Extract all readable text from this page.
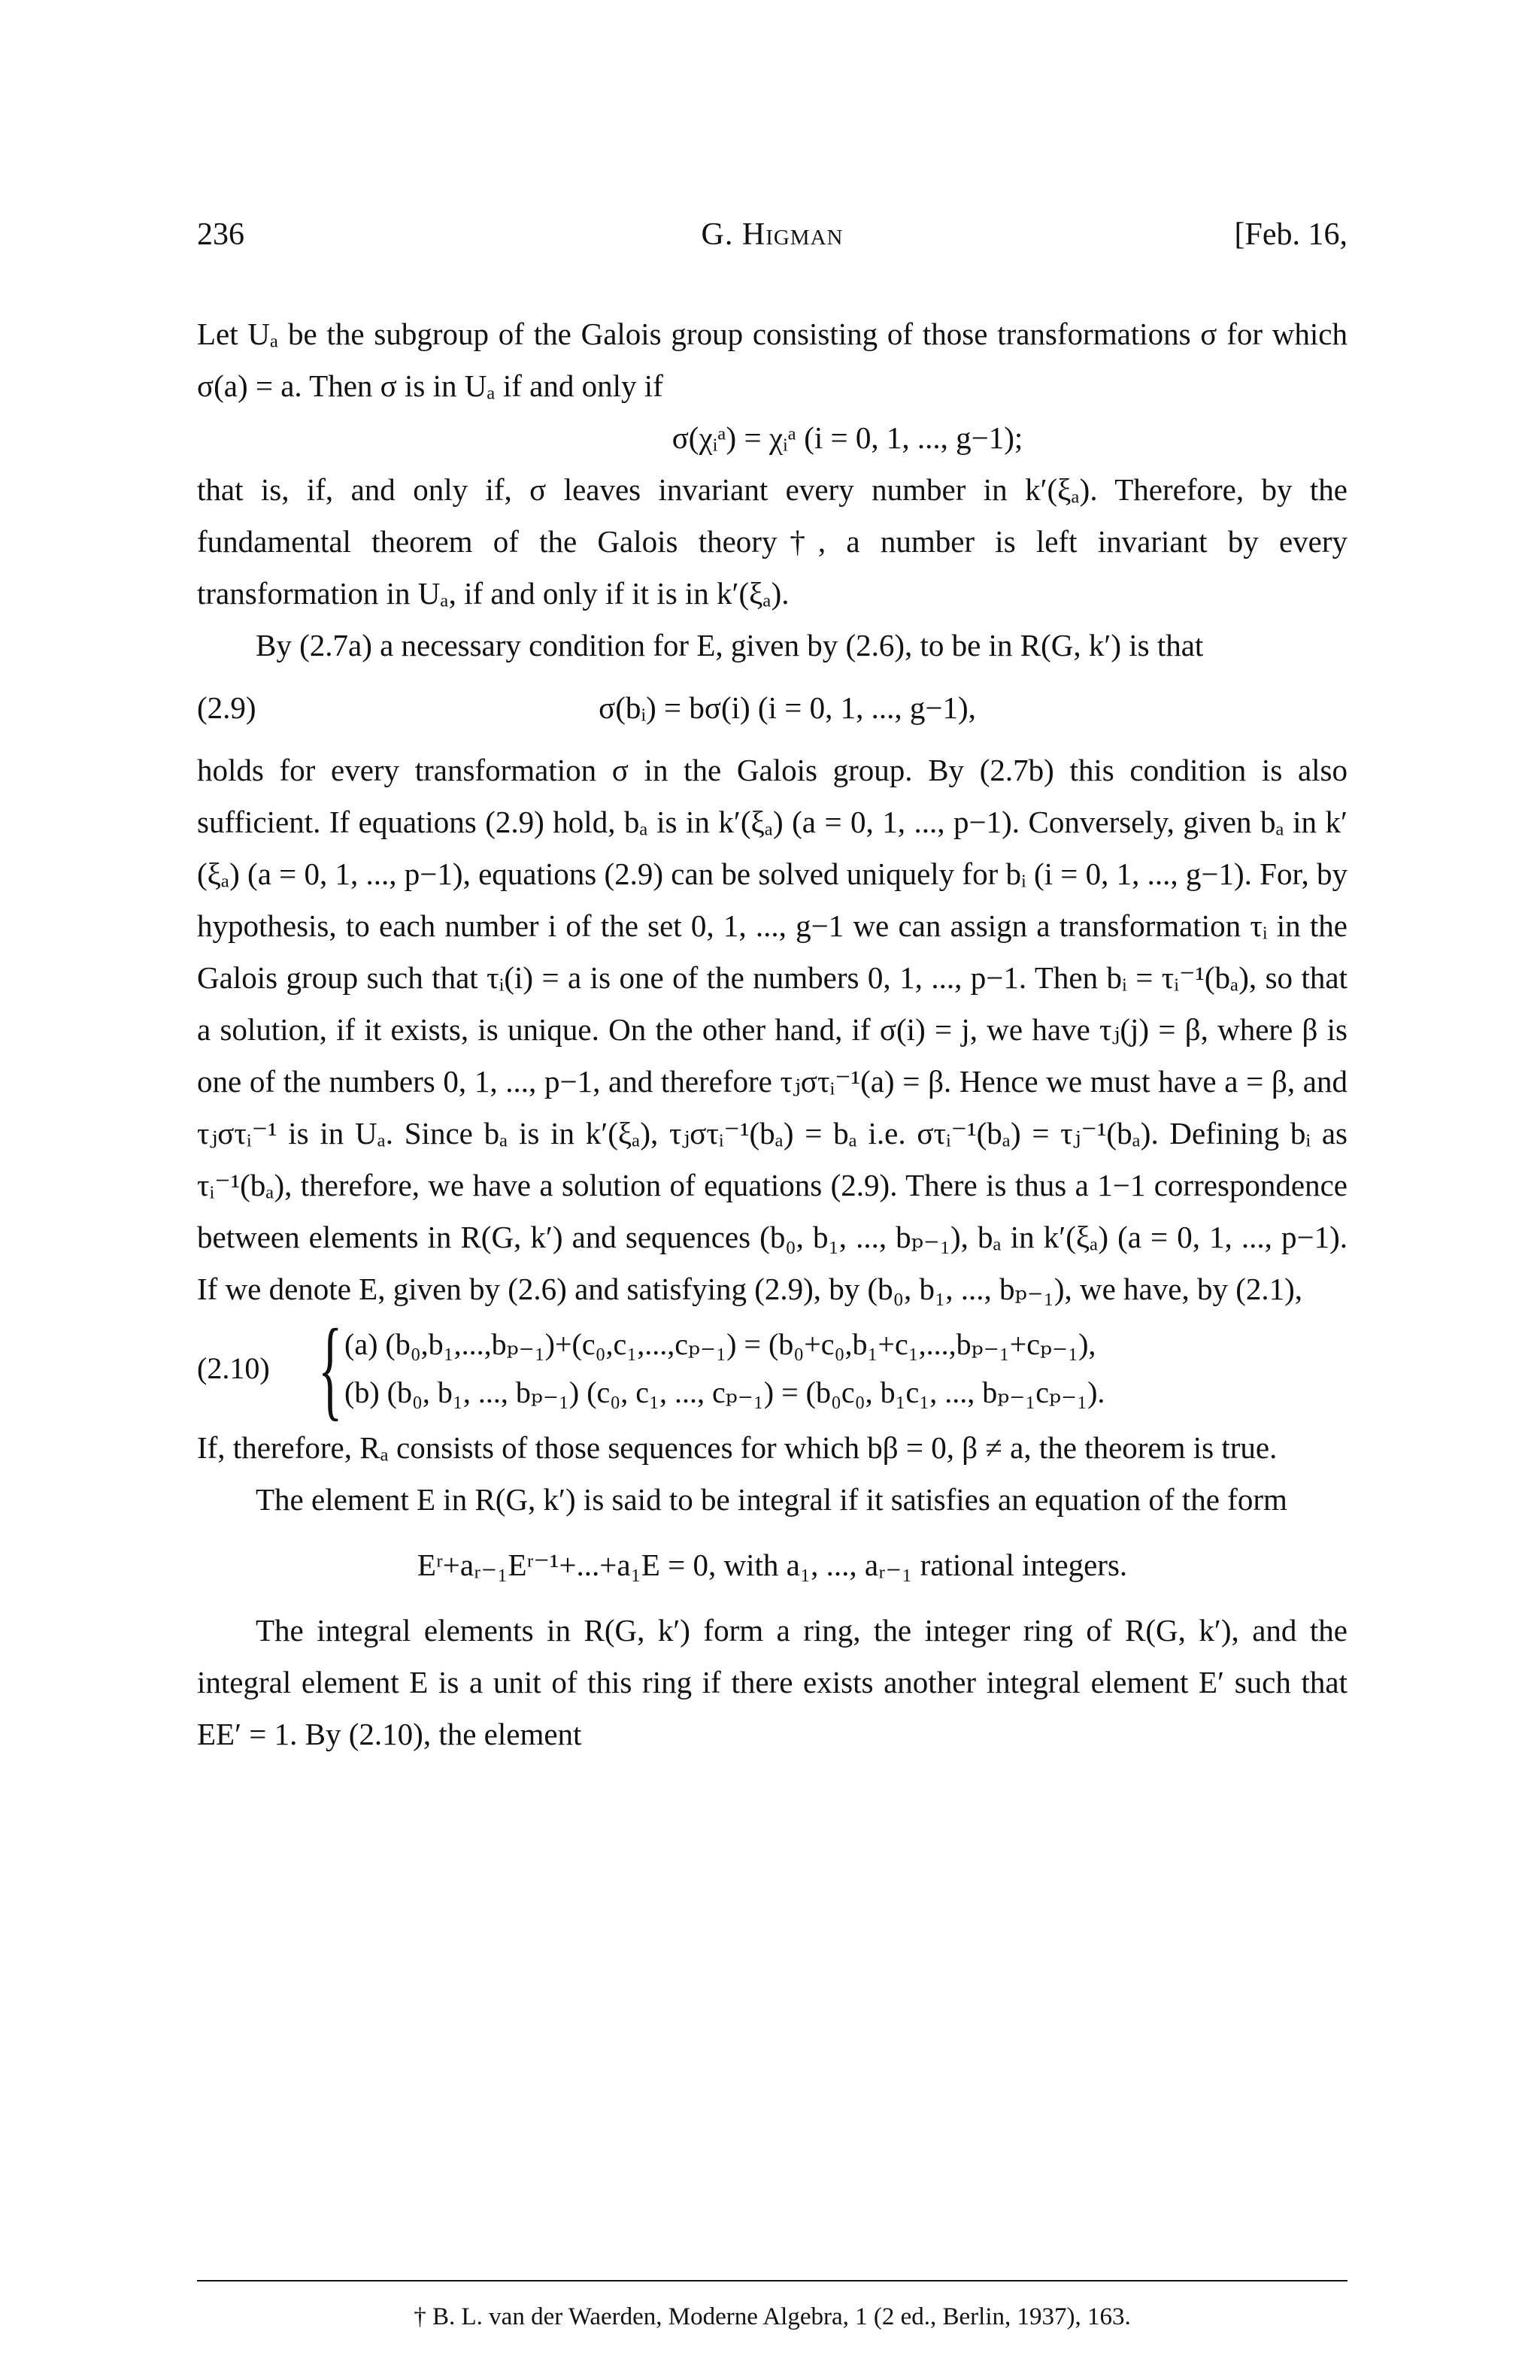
236	G. Higman	[Feb. 16,

Let Uₐ be the subgroup of the Galois group consisting of those transformations σ for which σ(a) = a. Then σ is in Uₐ if and only if

σ(χᵢᵃ) = χᵢᵃ (i = 0, 1, ..., g−1);

that is, if, and only if, σ leaves invariant every number in k′(ξₐ). Therefore, by the fundamental theorem of the Galois theory†, a number is left invariant by every transformation in Uₐ, if and only if it is in k′(ξₐ).

By (2.7a) a necessary condition for E, given by (2.6), to be in R(G, k′) is that

(2.9)	σ(bᵢ) = bσ(i) (i = 0, 1, ..., g−1),

holds for every transformation σ in the Galois group. By (2.7b) this condition is also sufficient. If equations (2.9) hold, bₐ is in k′(ξₐ) (a = 0, 1, ..., p−1). Conversely, given bₐ in k′(ξₐ) (a = 0, 1, ..., p−1), equations (2.9) can be solved uniquely for bᵢ (i = 0, 1, ..., g−1). For, by hypothesis, to each number i of the set 0, 1, ..., g−1 we can assign a transformation τᵢ in the Galois group such that τᵢ(i) = a is one of the numbers 0, 1, ..., p−1. Then bᵢ = τᵢ⁻¹(bₐ), so that a solution, if it exists, is unique. On the other hand, if σ(i) = j, we have τⱼ(j) = β, where β is one of the numbers 0, 1, ..., p−1, and therefore τⱼστᵢ⁻¹(a) = β. Hence we must have a = β, and τⱼστᵢ⁻¹ is in Uₐ. Since bₐ is in k′(ξₐ), τⱼστᵢ⁻¹(bₐ) = bₐ i.e. στᵢ⁻¹(bₐ) = τⱼ⁻¹(bₐ). Defining bᵢ as τᵢ⁻¹(bₐ), therefore, we have a solution of equations (2.9). There is thus a 1−1 correspondence between elements in R(G, k′) and sequences (b₀, b₁, ..., bₚ₋₁), bₐ in k′(ξₐ) (a = 0, 1, ..., p−1). If we denote E, given by (2.6) and satisfying (2.9), by (b₀, b₁, ..., bₚ₋₁), we have, by (2.1),

(2.10) { (a) (b₀,b₁,...,bₚ₋₁)+(c₀,c₁,...,cₚ₋₁) = (b₀+c₀,b₁+c₁,...,bₚ₋₁+cₚ₋₁),
(b) (b₀, b₁, ..., bₚ₋₁) (c₀, c₁, ..., cₚ₋₁) = (b₀c₀, b₁c₁, ..., bₚ₋₁cₚ₋₁).

If, therefore, Rₐ consists of those sequences for which bβ = 0, β ≠ a, the theorem is true.

The element E in R(G, k′) is said to be integral if it satisfies an equation of the form

Eʳ+aᵣ₋₁Eʳ⁻¹+...+a₁E = 0, with a₁, ..., aᵣ₋₁ rational integers.

The integral elements in R(G, k′) form a ring, the integer ring of R(G, k′), and the integral element E is a unit of this ring if there exists another integral element E′ such that EE′ = 1. By (2.10), the element

† B. L. van der Waerden, Moderne Algebra, 1 (2 ed., Berlin, 1937), 163.
